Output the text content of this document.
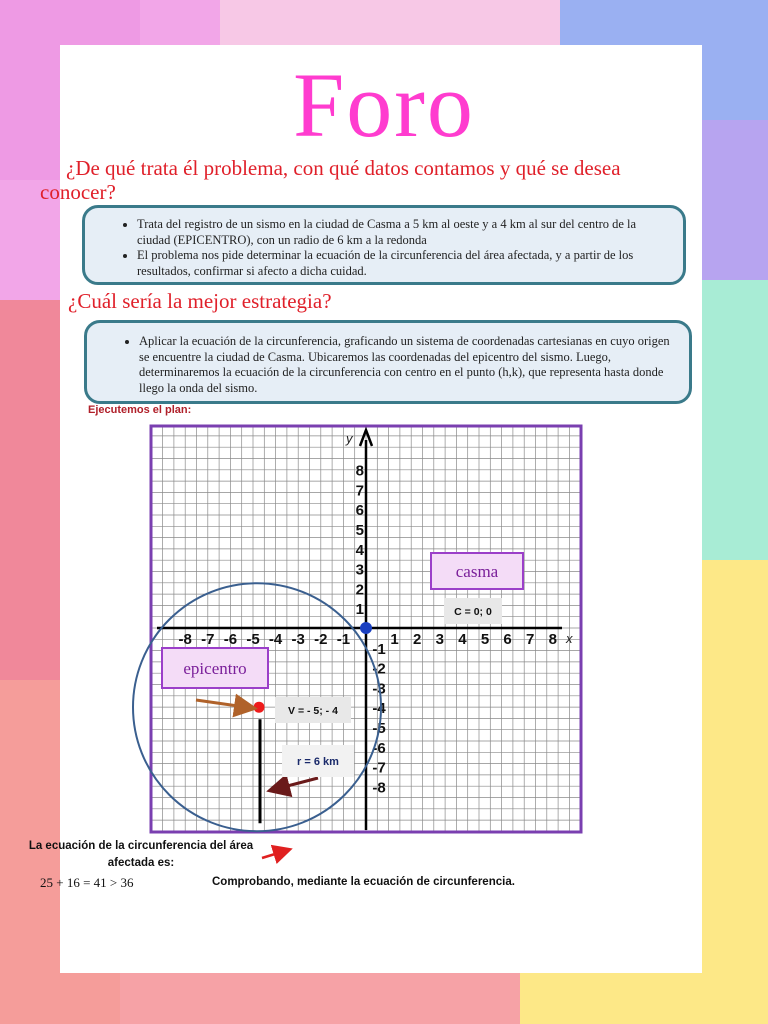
Foro
¿De qué trata él problema, con qué datos contamos y qué se desea conocer?
• Trata del registro de un sismo en la ciudad de Casma a 5 km al oeste y a 4 km al sur del centro de la ciudad (EPICENTRO), con un radio de 6 km a la redonda
• El problema nos pide determinar la ecuación de la circunferencia del área afectada, y a partir de los resultados, confirmar si afecto a dicha cuidad.
¿Cuál sería la mejor estrategia?
• Aplicar la ecuación de la circunferencia, graficando un sistema de coordenadas cartesianas en cuyo origen se encuentre la ciudad de Casma. Ubicaremos las coordenadas del epicentro del sismo. Luego, determinaremos la ecuación de la circunferencia con centro en el punto (h,k), que representa hasta donde llego la onda del sismo.
Ejecutemos el plan:
x
y
-8 -7 -6 -5 -4 -3 -2 -1	1 2 3 4 5 6 7 8
1
2
3
4
5
6
7
8
-1
-2
-3
-4
-5
-6
-7
-8
casma
C = 0; 0
epicentro
V = - 5; - 4
r = 6 km
La ecuación de la circunferencia del área afectada es:
25 + 16 = 41 > 36	Comprobando, mediante la ecuación de circunferencia.
